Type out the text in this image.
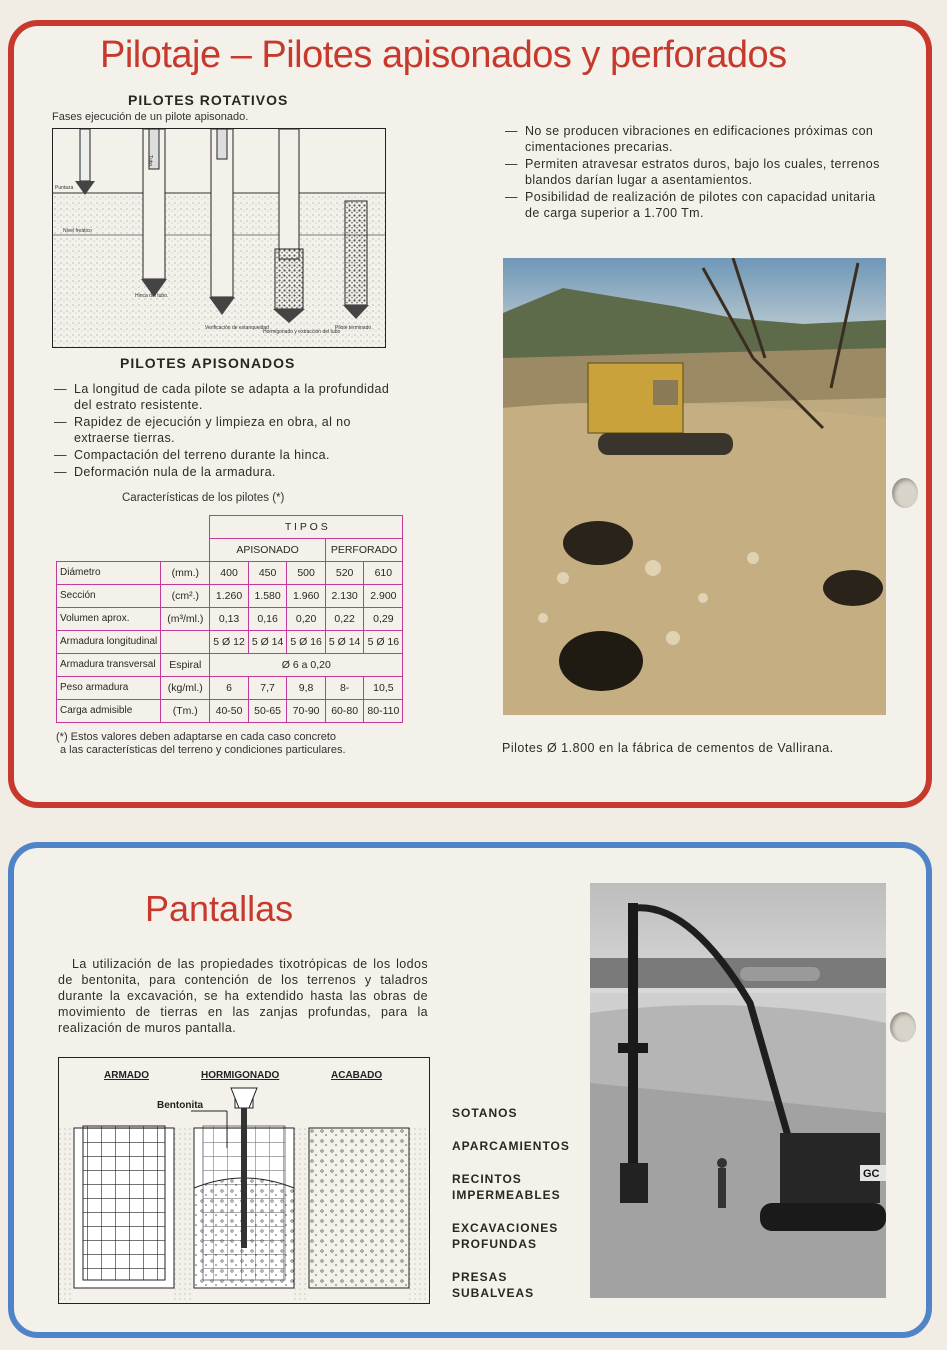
Pilotaje – Pilotes apisonados y perforados
PILOTES ROTATIVOS
Fases ejecución de un pilote apisonado.
Puntaza
Tubo
Nivel freático
Hinca del tubo.
Verificación de estanqueidad
Hormigonado y extracción del tubo
Pilote terminado
PILOTES APISONADOS
— La longitud de cada pilote se adapta a la profundidad del estrato resistente.
— Rapidez de ejecución y limpieza en obra, al no extraerse tierras.
— Compactación del terreno durante la hinca.
— Deformación nula de la armadura.
Características de los pilotes (*)
		T I P O S				
		APISONADO			PERFORADO	
Diámetro	(mm.)	400	450	500	520	610
Sección	(cm².)	1.260	1.580	1.960	2.130	2.900
Volumen aprox.	(m³/ml.)	0,13	0,16	0,20	0,22	0,29
Armadura longitudinal		5 Ø 12	5 Ø 14	5 Ø 16	5 Ø 14	5 Ø 16
Armadura transversal	Espiral	Ø 6 a 0,20				
Peso armadura	(kg/ml.)	6	7,7	9,8	8-	10,5
Carga admisible	(Tm.)	40-50	50-65	70-90	60-80	80-110
(*) Estos valores deben adaptarse en cada caso concreto
a las características del terreno y condiciones particulares.
— No se producen vibraciones en edificaciones próximas con cimentaciones precarias.
— Permiten atravesar estratos duros, bajo los cuales, terrenos blandos darían lugar a asentamientos.
— Posibilidad de realización de pilotes con capacidad unitaria de carga superior a 1.700 Tm.
Pilotes Ø 1.800 en la fábrica de cementos de Vallirana.
Pantallas
La utilización de las propiedades tixotrópicas de los lodos de bentonita, para contención de los terrenos y taladros durante la excavación, se ha extendido hasta las obras de movimiento de tierras en las zanjas profundas, para la realización de muros pantalla.
ARMADO	HORMIGONADO	ACABADO
Bentonita
SOTANOS
APARCAMIENTOS
RECINTOS IMPERMEABLES
EXCAVACIONES PROFUNDAS
PRESAS SUBALVEAS
GC
